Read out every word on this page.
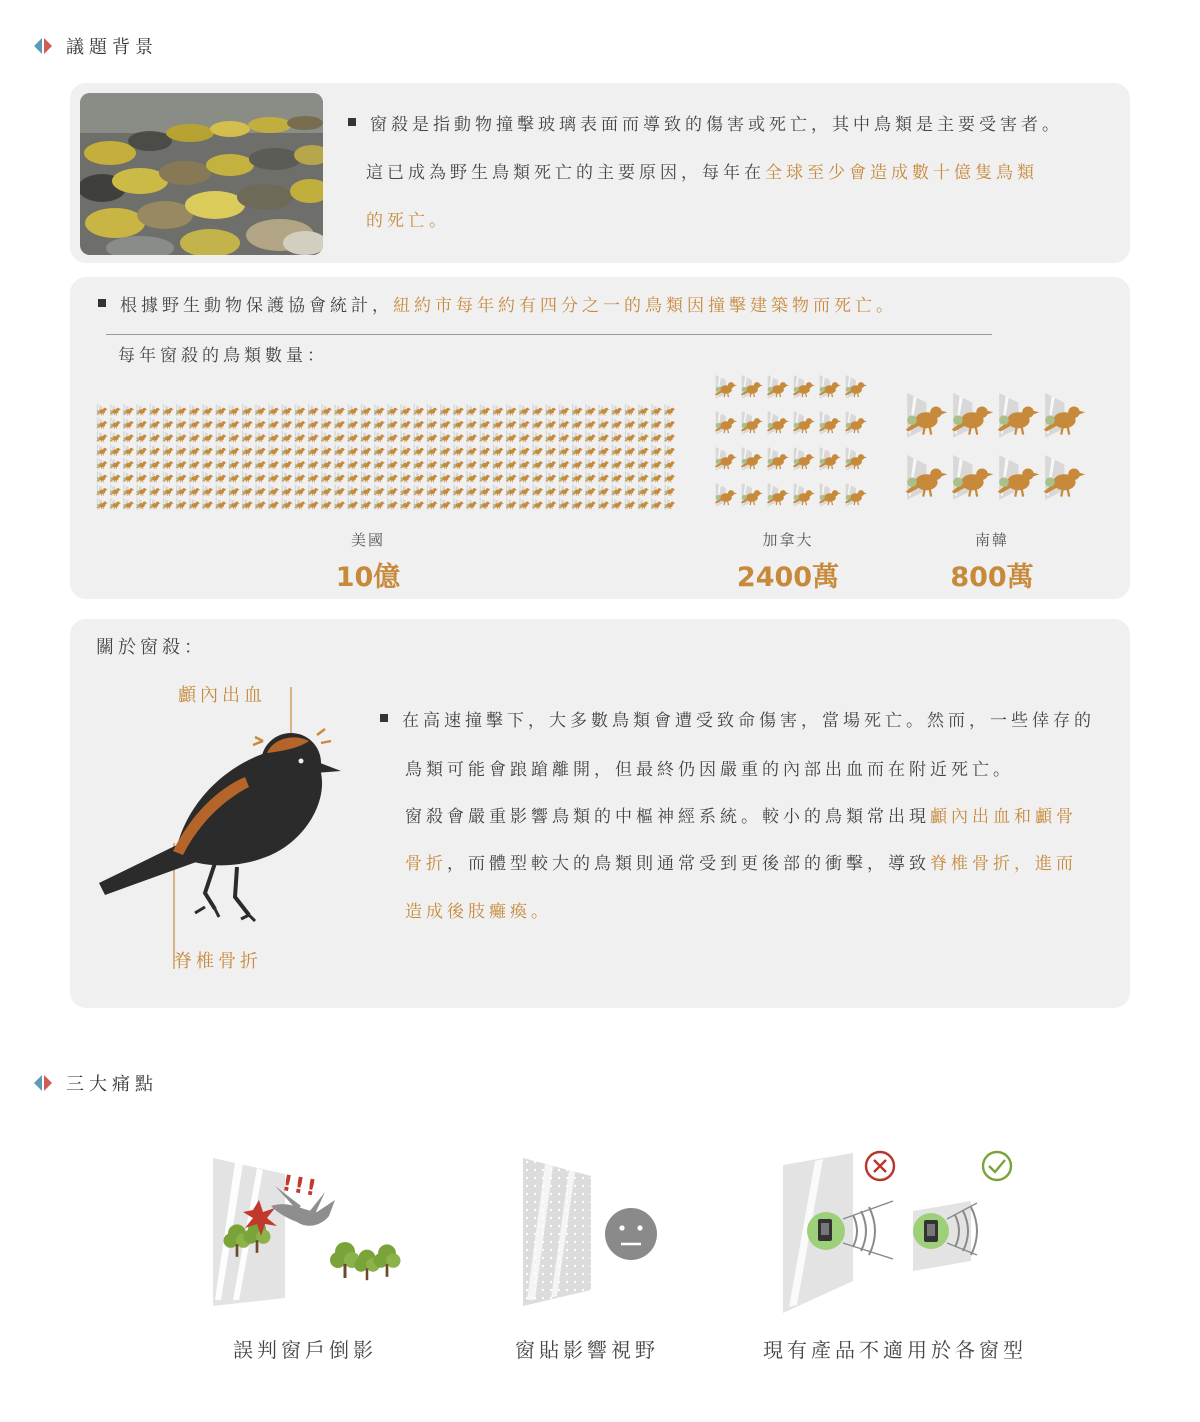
議題背景
窗殺是指動物撞擊玻璃表面而導致的傷害或死亡，其中鳥類是主要受害者。
這已成為野生鳥類死亡的主要原因，每年在全球至少會造成數十億隻鳥類
的死亡。
根據野生動物保護協會統計，紐約市每年約有四分之一的鳥類因撞擊建築物而死亡。
每年窗殺的鳥類數量：
美國
10億
加拿大
2400萬
南韓
800萬
關於窗殺：
顱內出血
脊椎骨折
在高速撞擊下，大多數鳥類會遭受致命傷害，當場死亡。然而，一些倖存的
鳥類可能會踉蹌離開，但最終仍因嚴重的內部出血而在附近死亡。
窗殺會嚴重影響鳥類的中樞神經系統。較小的鳥類常出現顱內出血和顱骨
骨折，而體型較大的鳥類則通常受到更後部的衝擊，導致脊椎骨折，進而
造成後肢癱瘓。
三大痛點
!!!
誤判窗戶倒影	窗貼影響視野	現有產品不適用於各窗型
